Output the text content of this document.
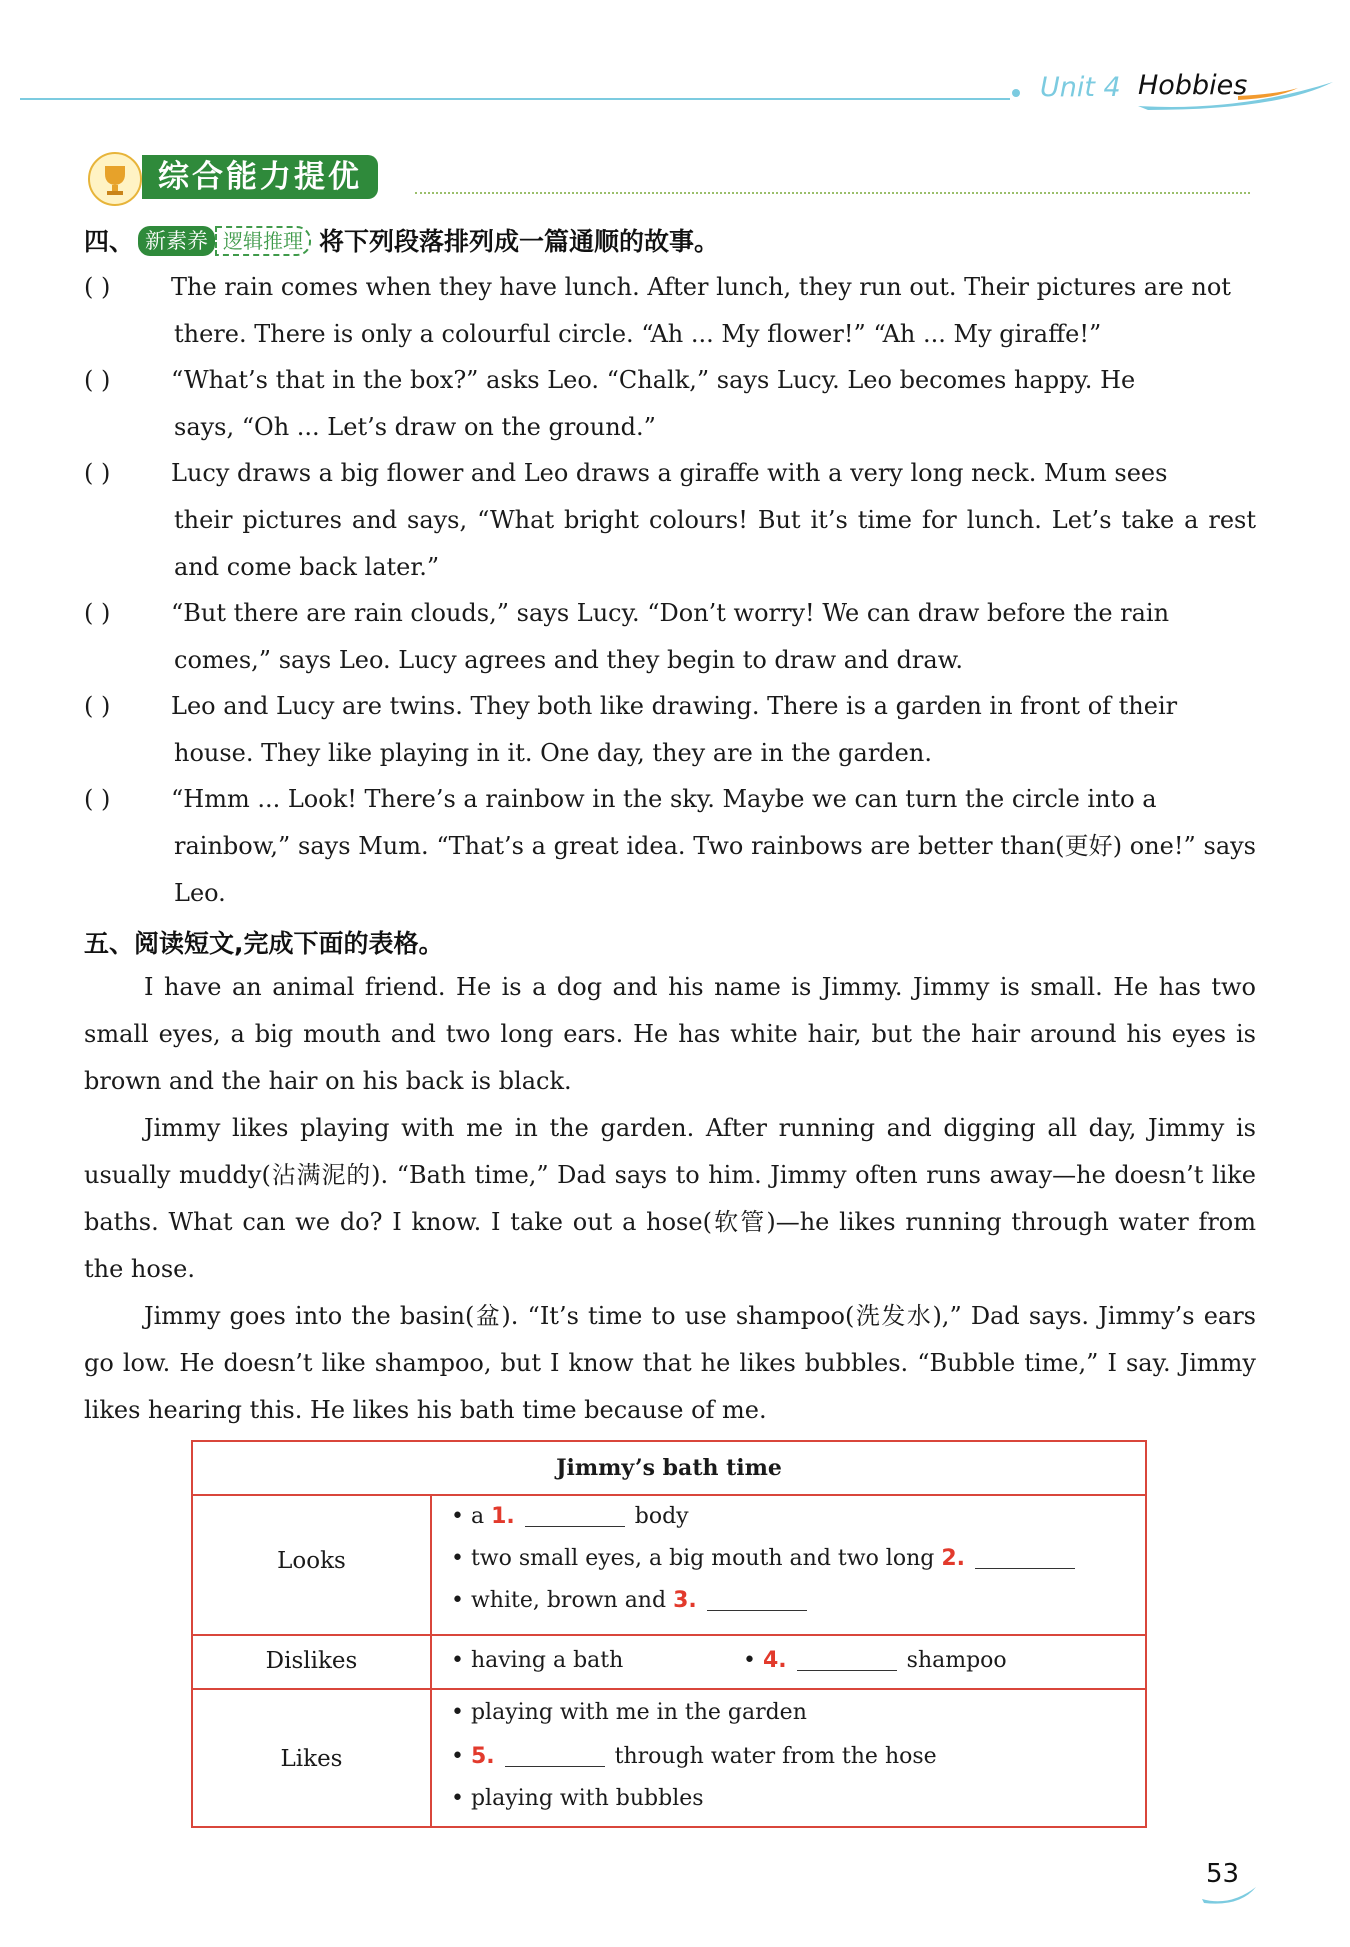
Unit 4 Hobbies
综合能力提优
四、 新素养 逻辑推理 将下列段落排列成一篇通顺的故事。
( )	The rain comes when they have lunch. After lunch, they run out. Their pictures are not
there. There is only a colourful circle. “Ah ... My flower!” “Ah ... My giraffe!”
( )	“What’s that in the box?” asks Leo. “Chalk,” says Lucy. Leo becomes happy. He
says, “Oh ... Let’s draw on the ground.”
( )	Lucy draws a big flower and Leo draws a giraffe with a very long neck. Mum sees
their pictures and says, “What bright colours! But it’s time for lunch. Let’s take a rest and come back later.”
( )	“But there are rain clouds,” says Lucy. “Don’t worry! We can draw before the rain
comes,” says Leo. Lucy agrees and they begin to draw and draw.
( )	Leo and Lucy are twins. They both like drawing. There is a garden in front of their
house. They like playing in it. One day, they are in the garden.
( )	“Hmm ... Look! There’s a rainbow in the sky. Maybe we can turn the circle into a
rainbow,” says Mum. “That’s a great idea. Two rainbows are better than(更好) one!” says Leo.
五、阅读短文,完成下面的表格。
I have an animal friend. He is a dog and his name is Jimmy. Jimmy is small. He has two small eyes, a big mouth and two long ears. He has white hair, but the hair around his eyes is brown and the hair on his back is black.
Jimmy likes playing with me in the garden. After running and digging all day, Jimmy is usually muddy(沾满泥的). “Bath time,” Dad says to him. Jimmy often runs away—he doesn’t like baths. What can we do? I know. I take out a hose(软管)—he likes running through water from the hose.
Jimmy goes into the basin(盆). “It’s time to use shampoo(洗发水),” Dad says. Jimmy’s ears go low. He doesn’t like shampoo, but I know that he likes bubbles. “Bubble time,” I say. Jimmy likes hearing this. He likes his bath time because of me.
Jimmy’s bath time
Looks
• a 1.	body
• two small eyes, a big mouth and two long 2.
• white, brown and 3.
Dislikes	• having a bath	• 4.	shampoo
Likes
• playing with me in the garden
• 5.	through water from the hose
• playing with bubbles
53
